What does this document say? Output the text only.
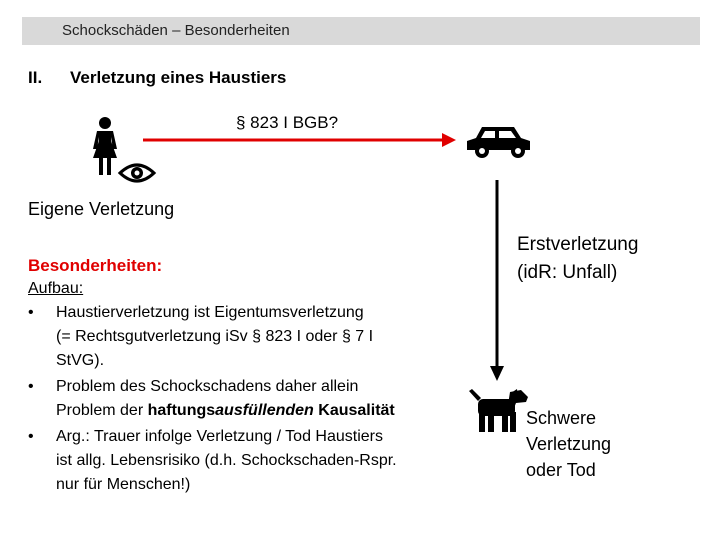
Schockschäden – Besonderheiten
II. Verletzung eines Haustiers
§ 823 I BGB?
Eigene Verletzung
Erstverletzung
(idR: Unfall)
Schwere
Verletzung
oder Tod
Besonderheiten:
Aufbau:
• Haustierverletzung ist Eigentumsverletzung
(= Rechtsgutverletzung iSv § 823 I oder § 7 I
StVG).
• Problem des Schockschadens daher allein
Problem der haftungsausfüllenden Kausalität
• Arg.: Trauer infolge Verletzung / Tod Haustiers
ist allg. Lebensrisiko (d.h. Schockschaden-Rspr.
nur für Menschen!)
